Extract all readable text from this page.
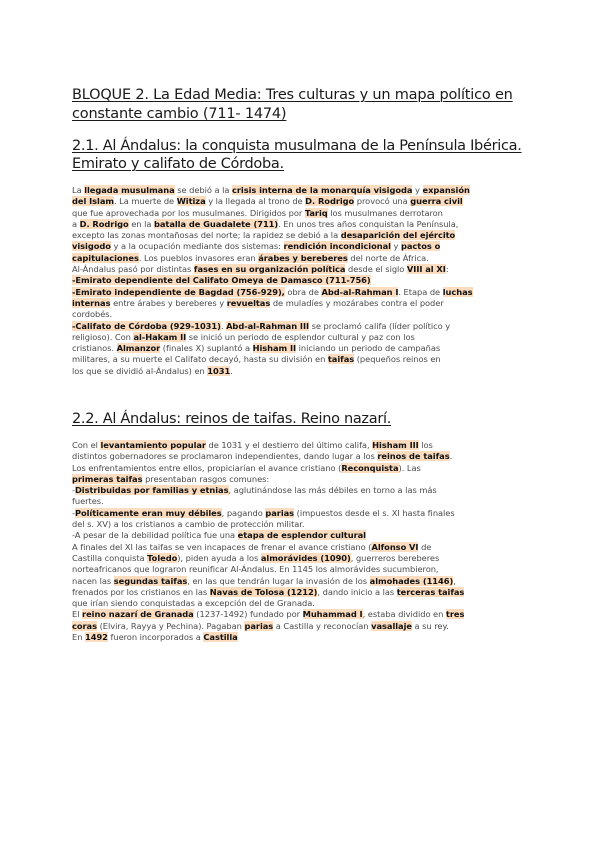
BLOQUE 2. La Edad Media: Tres culturas y un mapa político en
constante cambio (711- 1474)
2.1. Al Ándalus: la conquista musulmana de la Península Ibérica.
Emirato y califato de Córdoba.
La llegada musulmana se debió a la crisis interna de la monarquía visigoda y expansión
del Islam. La muerte de Witiza y la llegada al trono de D. Rodrigo provocó una guerra civil
que fue aprovechada por los musulmanes. Dirigidos por Tariq los musulmanes derrotaron
a D. Rodrigo en la batalla de Guadalete (711). En unos tres años conquistan la Península,
excepto las zonas montañosas del norte; la rapidez se debió a la desaparición del ejército
visigodo y a la ocupación mediante dos sistemas: rendición incondicional y pactos o
capitulaciones. Los pueblos invasores eran árabes y bereberes del norte de África.
Al-Ándalus pasó por distintas fases en su organización política desde el siglo VIII al XI:
-Emirato dependiente del Califato Omeya de Damasco (711-756)
-Emirato independiente de Bagdad (756-929), obra de Abd-al-Rahman I. Etapa de luchas
internas entre árabes y bereberes y revueltas de muladíes y mozárabes contra el poder
cordobés.
-Califato de Córdoba (929-1031). Abd-al-Rahman III se proclamó califa (líder político y
religioso). Con al-Hakam II se inició un periodo de esplendor cultural y paz con los
cristianos. Almanzor (finales X) suplantó a Hisham II iniciando un periodo de campañas
militares, a su muerte el Califato decayó, hasta su división en taifas (pequeños reinos en
los que se dividió al-Ándalus) en 1031.
2.2. Al Ándalus: reinos de taifas. Reino nazarí.
Con el levantamiento popular de 1031 y el destierro del último califa, Hisham III los
distintos gobernadores se proclamaron independientes, dando lugar a los reinos de taifas.
Los enfrentamientos entre ellos, propiciarían el avance cristiano (Reconquista). Las
primeras taifas presentaban rasgos comunes:
-Distribuidas por familias y etnias, aglutinándose las más débiles en torno a las más
fuertes.
-Políticamente eran muy débiles, pagando parias (impuestos desde el s. XI hasta finales
del s. XV) a los cristianos a cambio de protección militar.
-A pesar de la debilidad política fue una etapa de esplendor cultural
A finales del XI las taifas se ven incapaces de frenar el avance cristiano (Alfonso VI de
Castilla conquista Toledo), piden ayuda a los almorávides (1090), guerreros bereberes
norteafricanos que lograron reunificar Al-Ándalus. En 1145 los almorávides sucumbieron,
nacen las segundas taifas, en las que tendrán lugar la invasión de los almohades (1146),
frenados por los cristianos en las Navas de Tolosa (1212), dando inicio a las terceras taifas
que irían siendo conquistadas a excepción del de Granada.
El reino nazarí de Granada (1237-1492) fundado por Muhammad I, estaba dividido en tres
coras (Elvira, Rayya y Pechina). Pagaban parias a Castilla y reconocían vasallaje a su rey.
En 1492 fueron incorporados a Castilla
